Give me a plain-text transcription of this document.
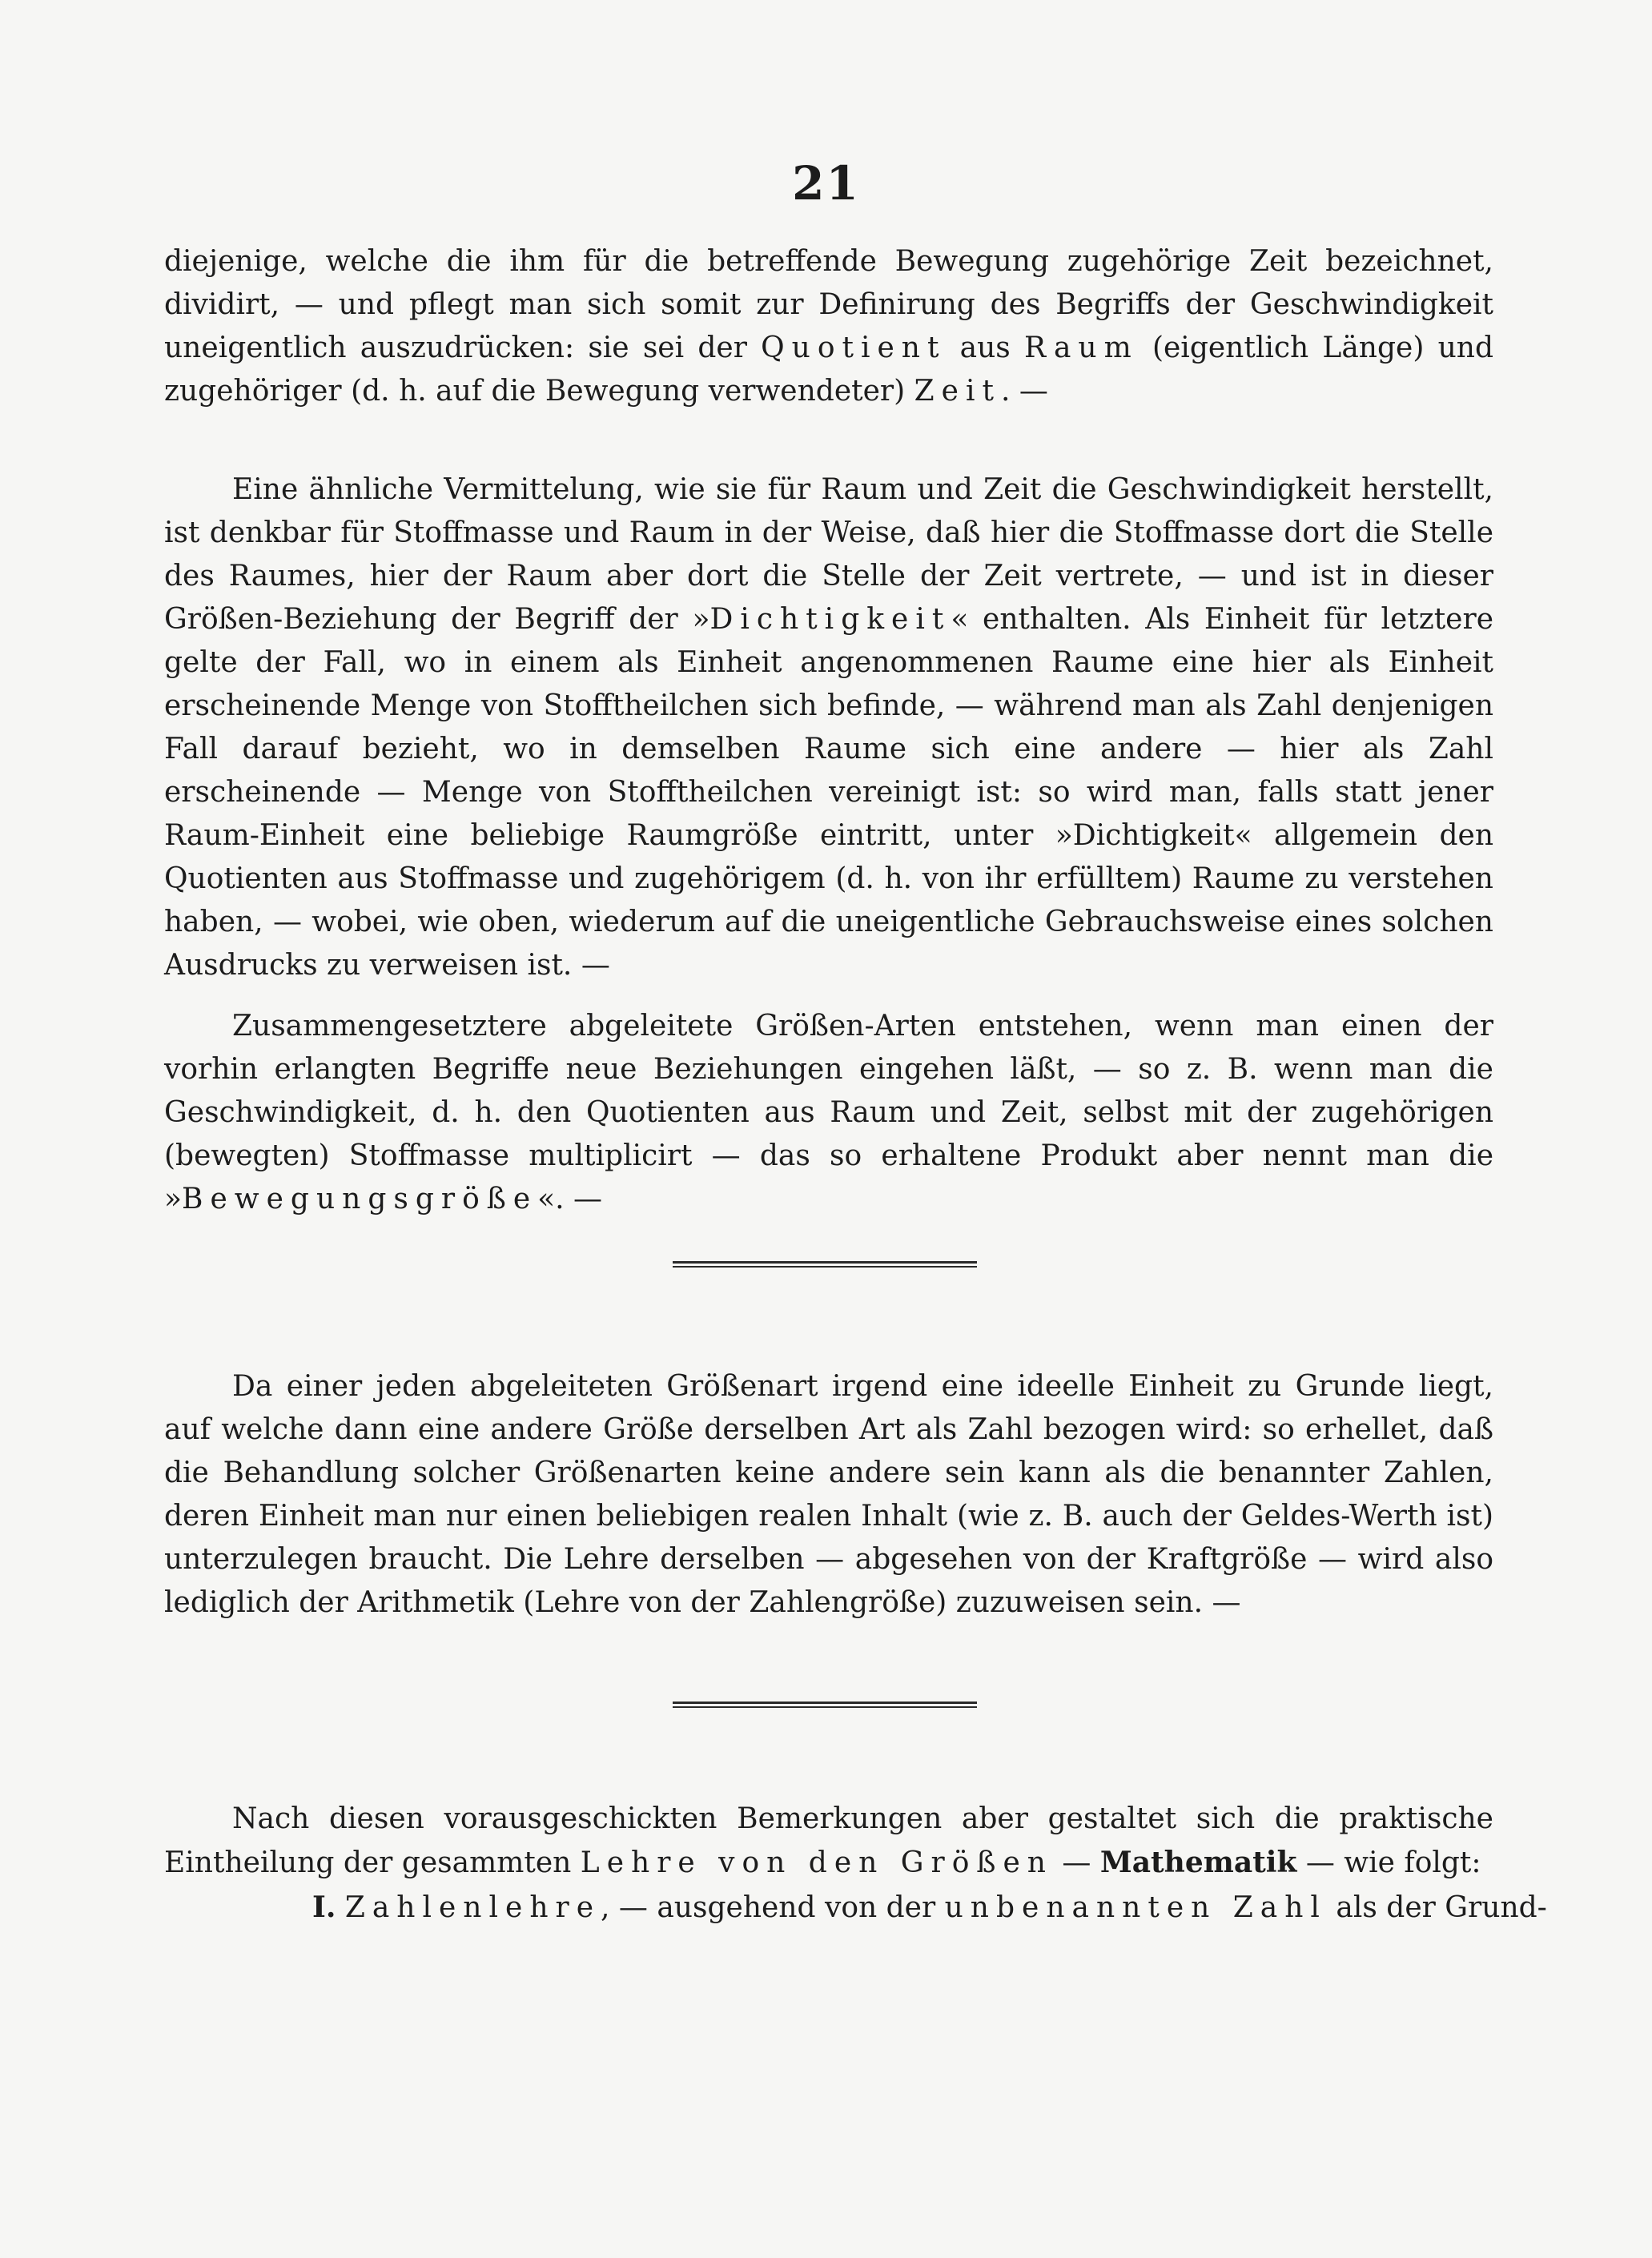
21

diejenige, welche die ihm für die betreffende Bewegung zugehörige Zeit bezeichnet, dividirt, — und pflegt man sich somit zur Definirung des Begriffs der Geschwindigkeit uneigentlich auszudrücken: sie sei der Quotient aus Raum (eigentlich Länge) und zugehöriger (d. h. auf die Bewegung verwendeter) Zeit. —

Eine ähnliche Vermittelung, wie sie für Raum und Zeit die Geschwindigkeit herstellt, ist denkbar für Stoffmasse und Raum in der Weise, daß hier die Stoffmasse dort die Stelle des Raumes, hier der Raum aber dort die Stelle der Zeit vertrete, — und ist in dieser Größen-Beziehung der Begriff der »Dichtigkeit« enthalten. Als Einheit für letztere gelte der Fall, wo in einem als Einheit angenommenen Raume eine hier als Einheit erscheinende Menge von Stofftheilchen sich befinde, — während man als Zahl denjenigen Fall darauf bezieht, wo in demselben Raume sich eine andere — hier als Zahl erscheinende — Menge von Stofftheilchen vereinigt ist: so wird man, falls statt jener Raum-Einheit eine beliebige Raumgröße eintritt, unter »Dichtigkeit« allgemein den Quotienten aus Stoffmasse und zugehörigem (d. h. von ihr erfülltem) Raume zu verstehen haben, — wobei, wie oben, wiederum auf die uneigentliche Gebrauchsweise eines solchen Ausdrucks zu verweisen ist. —

Zusammengesetztere abgeleitete Größen-Arten entstehen, wenn man einen der vorhin erlangten Begriffe neue Beziehungen eingehen läßt, — so z. B. wenn man die Geschwindigkeit, d. h. den Quotienten aus Raum und Zeit, selbst mit der zugehörigen (bewegten) Stoffmasse multiplicirt — das so erhaltene Produkt aber nennt man die »Bewegungsgröße«. —

Da einer jeden abgeleiteten Größenart irgend eine ideelle Einheit zu Grunde liegt, auf welche dann eine andere Größe derselben Art als Zahl bezogen wird: so erhellet, daß die Behandlung solcher Größenarten keine andere sein kann als die benannter Zahlen, deren Einheit man nur einen beliebigen realen Inhalt (wie z. B. auch der Geldes-Werth ist) unterzulegen braucht. Die Lehre derselben — abgesehen von der Kraftgröße — wird also lediglich der Arithmetik (Lehre von der Zahlengröße) zuzuweisen sein. —

Nach diesen vorausgeschickten Bemerkungen aber gestaltet sich die praktische Eintheilung der gesammten Lehre von den Größen — Mathematik — wie folgt:

I. Zahlenlehre, — ausgehend von der unbenannten Zahl als der Grund-
